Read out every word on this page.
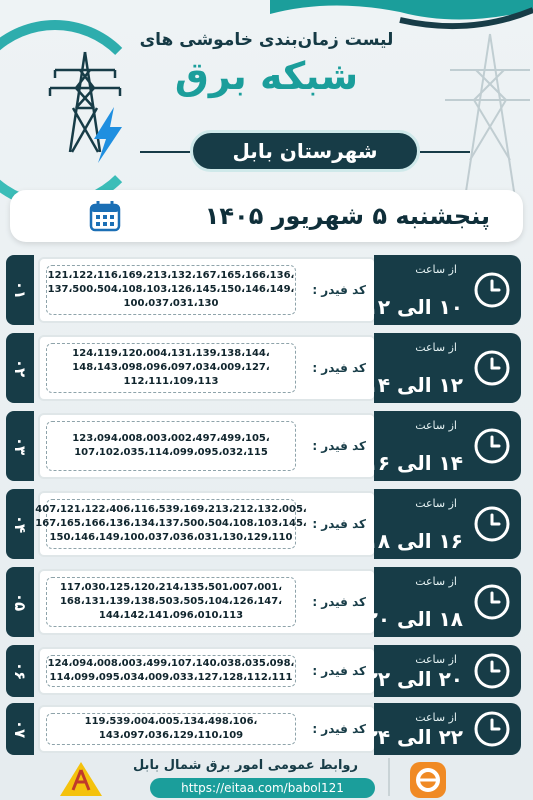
لیست زمان‌بندی خاموشی های
شبکه برق
شهرستان بابل
پنجشنبه ۵ شهریور ۱۴۰۵
۰۱
121،122،116،169،213،132،167،165،166،136،
137،500،504،108،103،126،145،150،146،149،
100،037،031،130
کد فیدر :
از ساعت
۱۰ الی ۱۲
۰۲
124،119،120،004،131،139،138،144،
148،143،098،096،097،034،009،127،
112،111،109،113
کد فیدر :
از ساعت
۱۲ الی ۱۴
۰۳	123،094،008،003،002،497،499،105،
107،102،035،114،099،095،032،115	کد فیدر :
از ساعت
۱۴ الی ۱۶
۰۴
407،121،122،406،116،539،169،213،212،132،005،
167،165،166،136،134،137،500،504،108،103،145،
150،146،149،100،037،036،031،130،129،110
کد فیدر :
از ساعت
۱۶ الی ۱۸
۰۵
117،030،125،120،214،135،501،007،001،
168،131،139،138،503،505،104،126،147،
144،142،141،096،010،113
کد فیدر :
از ساعت
۱۸ الی ۲۰
۰۶ 124،094،008،003،499،107،140،038،035،098،
114،099،095،034،009،033،127،128،112،111 کد فیدر :
از ساعت
۲۰ الی ۲۲
۰۷	119،539،004،005،134،498،106،
143،097،036،129،110،109	کد فیدر :
از ساعت
۲۲ الی ۲۴
روابط عمومی امور برق شمال بابل
https://eitaa.com/babol121
